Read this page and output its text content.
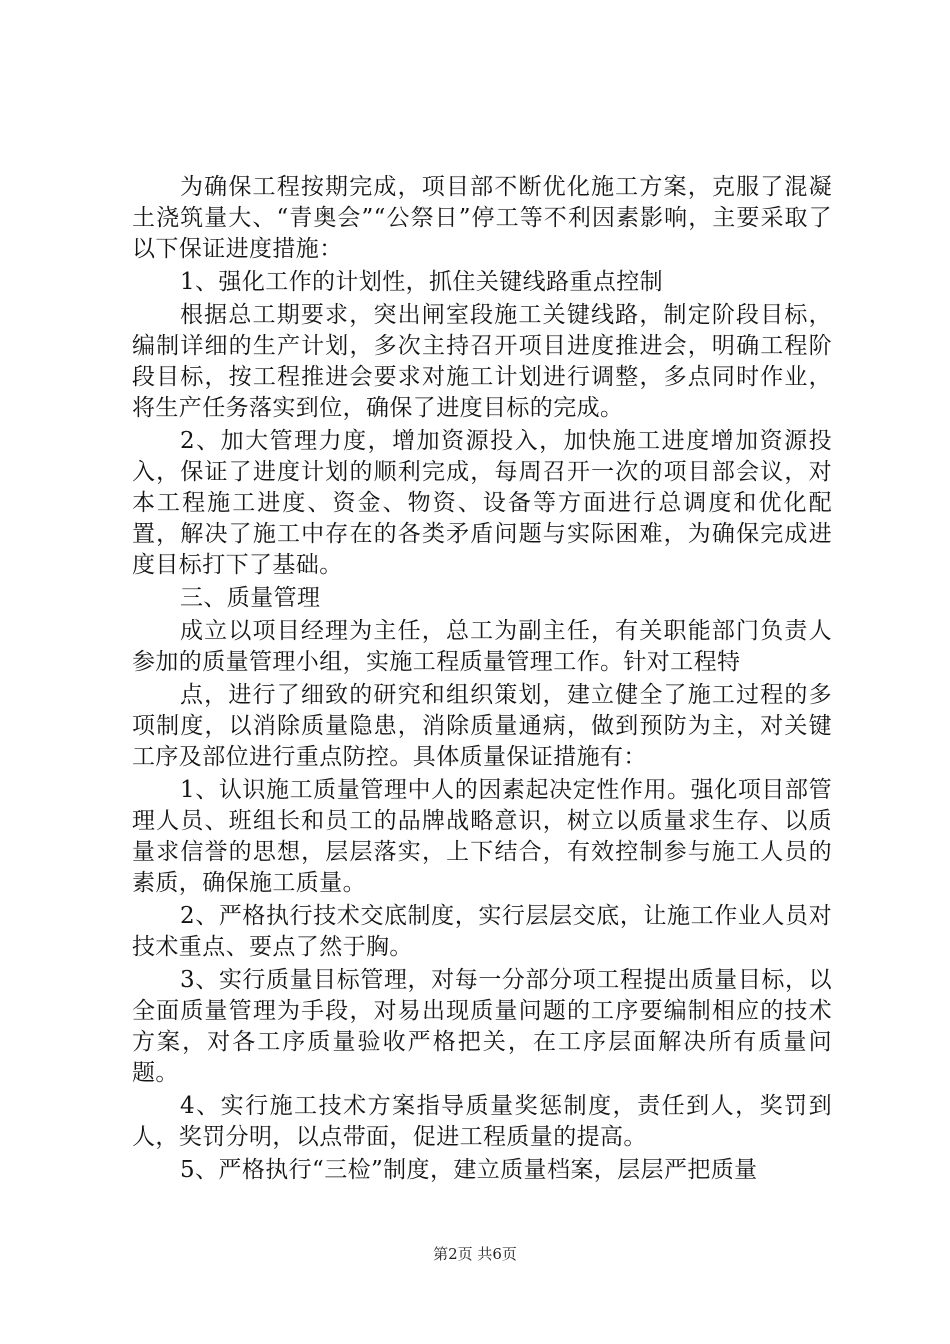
为确保工程按期完成，项目部不断优化施工方案，克服了混凝土浇筑量大、“青奥会”“公祭日”停工等不利因素影响，主要采取了以下保证进度措施：

1、强化工作的计划性，抓住关键线路重点控制

根据总工期要求，突出闸室段施工关键线路，制定阶段目标，编制详细的生产计划，多次主持召开项目进度推进会，明确工程阶段目标，按工程推进会要求对施工计划进行调整，多点同时作业，将生产任务落实到位，确保了进度目标的完成。

2、加大管理力度，增加资源投入，加快施工进度增加资源投入，保证了进度计划的顺利完成，每周召开一次的项目部会议，对本工程施工进度、资金、物资、设备等方面进行总调度和优化配置，解决了施工中存在的各类矛盾问题与实际困难，为确保完成进度目标打下了基础。

三、质量管理

成立以项目经理为主任，总工为副主任，有关职能部门负责人参加的质量管理小组，实施工程质量管理工作。针对工程特

点，进行了细致的研究和组织策划，建立健全了施工过程的多项制度，以消除质量隐患，消除质量通病，做到预防为主，对关键工序及部位进行重点防控。具体质量保证措施有：

1、认识施工质量管理中人的因素起决定性作用。强化项目部管理人员、班组长和员工的品牌战略意识，树立以质量求生存、以质量求信誉的思想，层层落实，上下结合，有效控制参与施工人员的素质，确保施工质量。

2、严格执行技术交底制度，实行层层交底，让施工作业人员对技术重点、要点了然于胸。

3、实行质量目标管理，对每一分部分项工程提出质量目标，以全面质量管理为手段，对易出现质量问题的工序要编制相应的技术方案，对各工序质量验收严格把关，在工序层面解决所有质量问题。

4、实行施工技术方案指导质量奖惩制度，责任到人，奖罚到人，奖罚分明，以点带面，促进工程质量的提高。

5、严格执行“三检”制度，建立质量档案，层层严把质量

第2页 共6页
